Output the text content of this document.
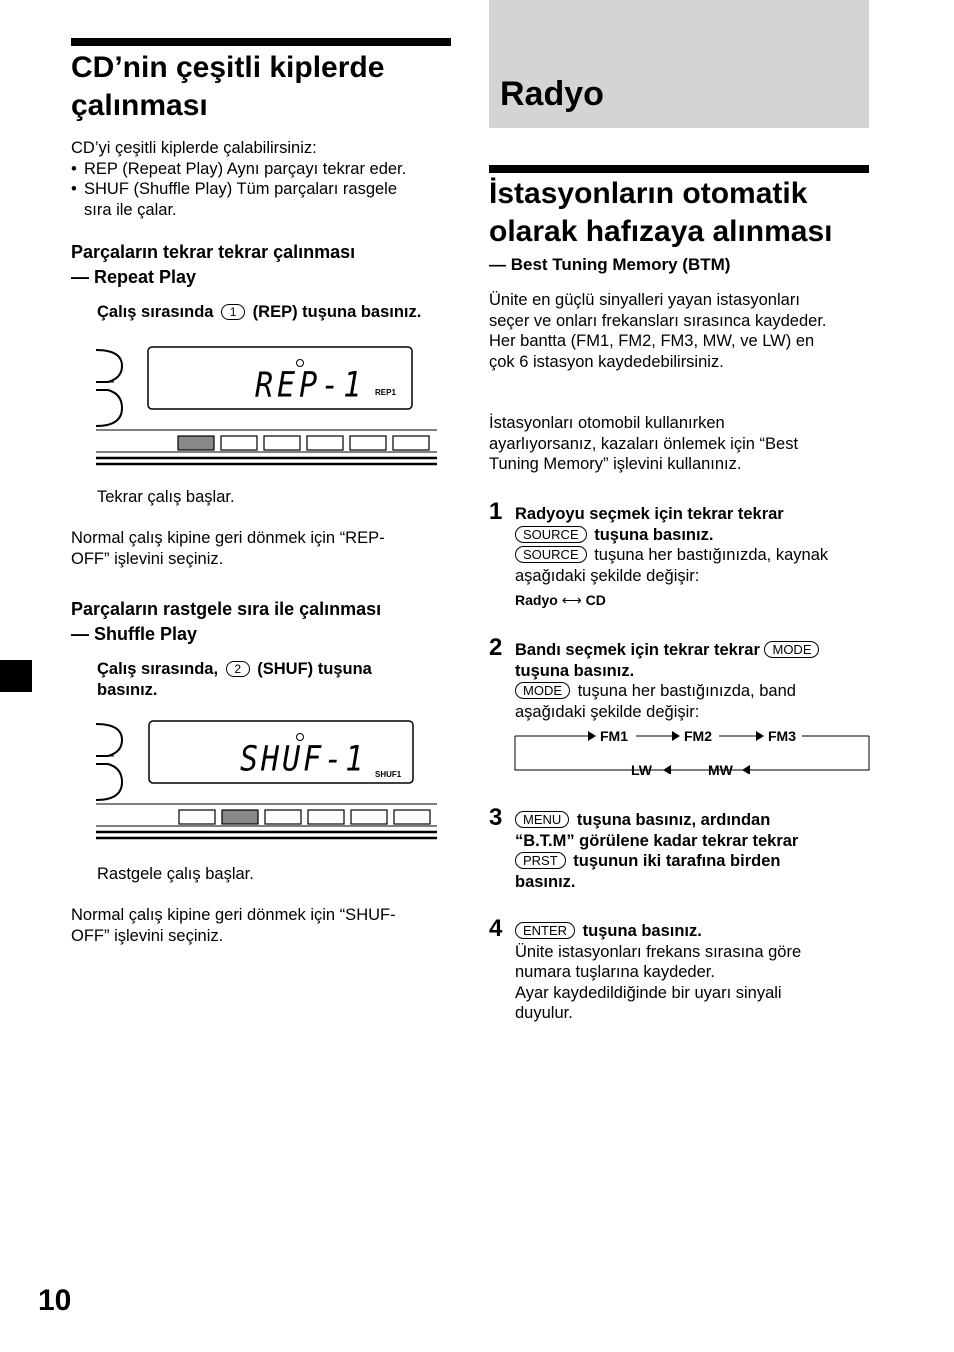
CD’nin çeşitli kiplerde
çalınması
CD’yi çeşitli kiplerde çalabilirsiniz:
• REP (Repeat Play) Aynı parçayı tekrar eder.
• SHUF (Shuffle Play) Tüm parçaları rasgele
sıra ile çalar.
Parçaların tekrar tekrar çalınması
— Repeat Play
Çalış sırasında 1 (REP) tuşuna basınız.
REP-1 REP1
Tekrar çalış başlar.
Normal çalış kipine geri dönmek için “REP-
OFF” işlevini seçiniz.
Parçaların rastgele sıra ile çalınması
— Shuffle Play
Çalış sırasında, 2 (SHUF) tuşuna
basınız.
SHUF-1 SHUF1
Rastgele çalış başlar.
Normal çalış kipine geri dönmek için “SHUF-
OFF” işlevini seçiniz.
Radyo
İstasyonların otomatik
olarak hafızaya alınması
— Best Tuning Memory (BTM)
Ünite en güçlü sinyalleri yayan istasyonları
seçer ve onları frekansları sırasınca kaydeder.
Her bantta (FM1, FM2, FM3, MW, ve LW) en
çok 6 istasyon kaydedebilirsiniz.
İstasyonları otomobil kullanırken
ayarlıyorsanız, kazaları önlemek için “Best
Tuning Memory” işlevini kullanınız.
1 Radyoyu seçmek için tekrar tekrar
SOURCE tuşuna basınız.
SOURCE tuşuna her bastığınızda, kaynak
aşağıdaki şekilde değişir:
Radyo ⟷ CD
2 Bandı seçmek için tekrar tekrar MODE
tuşuna basınız.
MODE tuşuna her bastığınızda, band
aşağıdaki şekilde değişir:
FM1	FM2	FM3
LW	MW
3	MENU tuşuna basınız, ardından
“B.T.M” görülene kadar tekrar tekrar
PRST tuşunun iki tarafına birden
basınız.
4	ENTER tuşuna basınız.
Ünite istasyonları frekans sırasına göre
numara tuşlarına kaydeder.
Ayar kaydedildiğinde bir uyarı sinyali
duyulur.
10
